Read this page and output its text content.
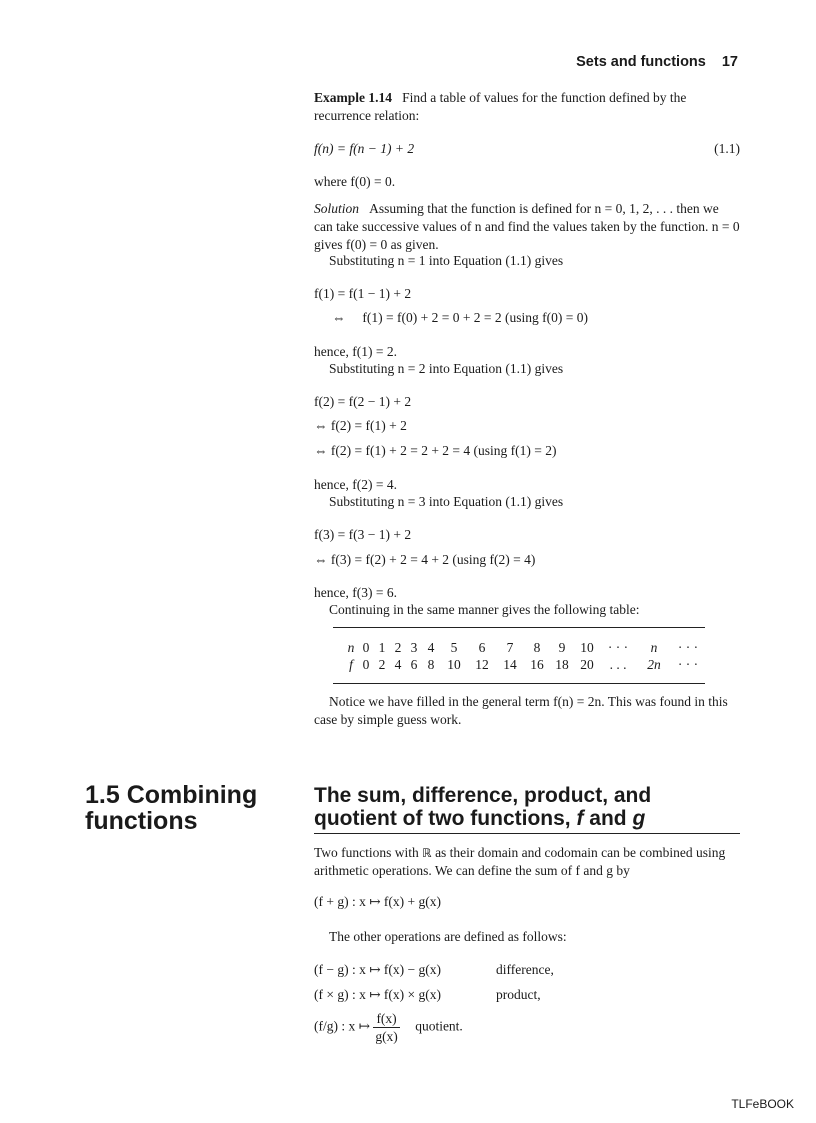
Sets and functions 17
Example 1.14 Find a table of values for the function defined by the recurrence relation:
f(n) = f(n − 1) + 2	(1.1)
where f(0) = 0.
Solution Assuming that the function is defined for n = 0, 1, 2, . . . then we can take successive values of n and find the values taken by the function. n = 0 gives f(0) = 0 as given.
Substituting n = 1 into Equation (1.1) gives
f(1) = f(1 − 1) + 2
⇔     f(1) = f(0) + 2 = 0 + 2 = 2 (using f(0) = 0)
hence, f(1) = 2.
Substituting n = 2 into Equation (1.1) gives
f(2) = f(2 − 1) + 2
⇔ f(2) = f(1) + 2
⇔ f(2) = f(1) + 2 = 2 + 2 = 4 (using f(1) = 2)
hence, f(2) = 4.
Substituting n = 3 into Equation (1.1) gives
f(3) = f(3 − 1) + 2
⇔ f(3) = f(2) + 2 = 4 + 2 (using f(2) = 4)
hence, f(3) = 6.
Continuing in the same manner gives the following table:
n	0	1	2	3	4	5	6	7	8	9	10	· · ·	n	· · ·
f	0	2	4	6	8	10	12	14	16	18	20	. . .	2n	· · ·
Notice we have filled in the general term f(n) = 2n. This was found in this case by simple guess work.
1.5 Combining
functions
The sum, difference, product, and
quotient of two functions, f and g
Two functions with ℝ as their domain and codomain can be combined using arithmetic operations. We can define the sum of f and g by
(f + g) : x ↦ f(x) + g(x)
The other operations are defined as follows:
(f − g) : x ↦ f(x) − g(x)	difference,
(f × g) : x ↦ f(x) × g(x)	product,
(f/g) : x ↦ $\frac{f(x)}{g(x)}$ quotient.
TLFeBOOK
